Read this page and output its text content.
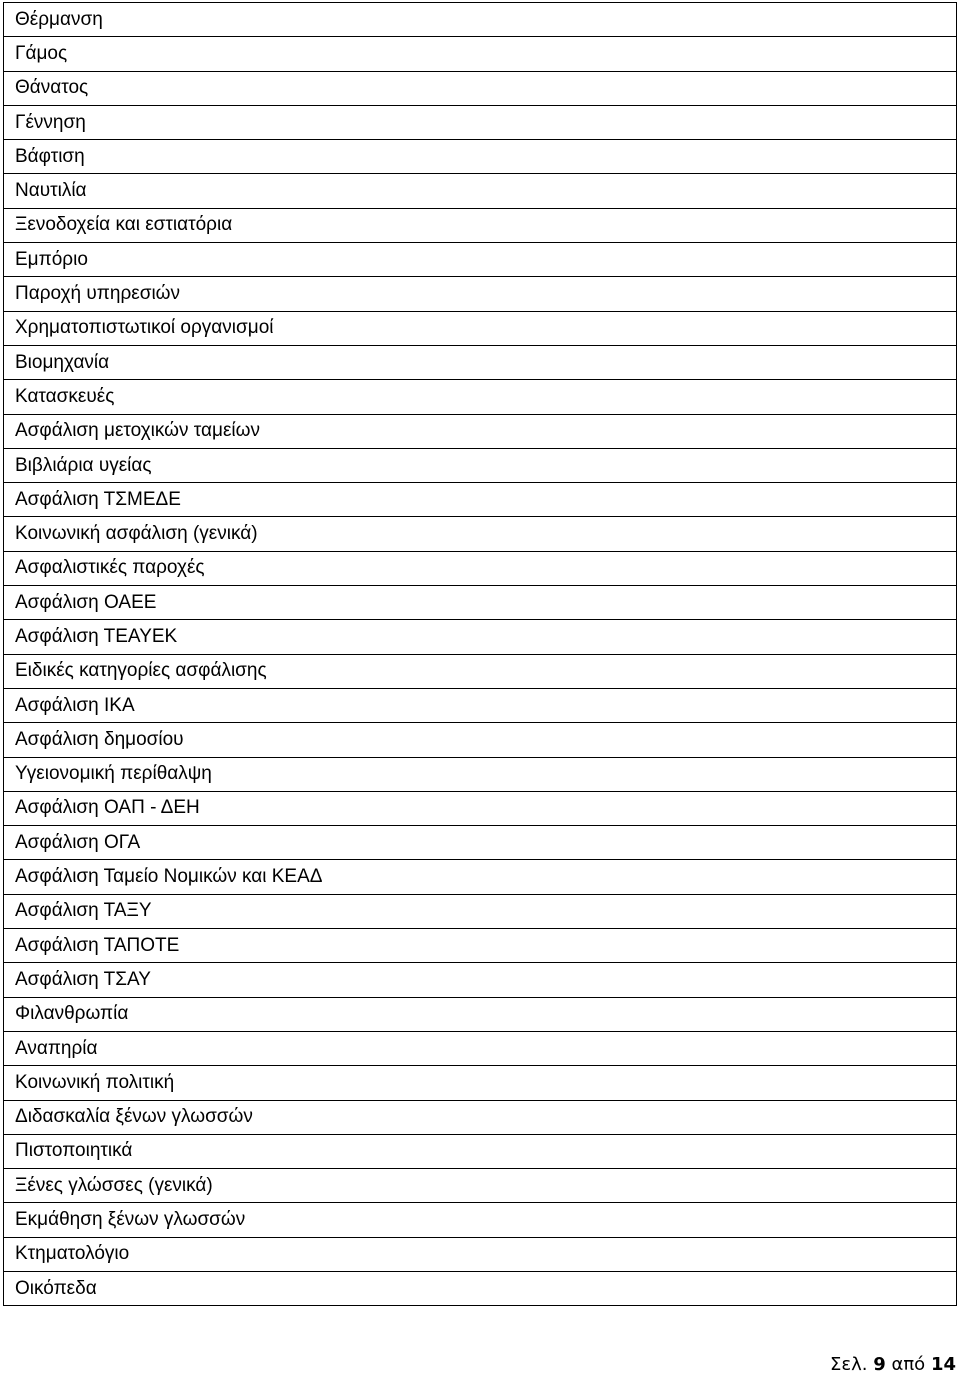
Θέρμανση
Γάμος
Θάνατος
Γέννηση
Βάφτιση
Ναυτιλία
Ξενοδοχεία και εστιατόρια
Εμπόριο
Παροχή υπηρεσιών
Χρηματοπιστωτικοί οργανισμοί
Βιομηχανία
Κατασκευές
Ασφάλιση μετοχικών ταμείων
Βιβλιάρια υγείας
Ασφάλιση ΤΣΜΕΔΕ
Κοινωνική ασφάλιση (γενικά)
Ασφαλιστικές παροχές
Ασφάλιση ΟΑΕΕ
Ασφάλιση ΤΕΑΥΕΚ
Ειδικές κατηγορίες ασφάλισης
Ασφάλιση ΙΚΑ
Ασφάλιση δημοσίου
Υγειονομική περίθαλψη
Ασφάλιση ΟΑΠ - ΔΕΗ
Ασφάλιση ΟΓΑ
Ασφάλιση Ταμείο Νομικών και ΚΕΑΔ
Ασφάλιση ΤΑΞΥ
Ασφάλιση ΤΑΠΟΤΕ
Ασφάλιση ΤΣΑΥ
Φιλανθρωπία
Αναπηρία
Κοινωνική πολιτική
Διδασκαλία ξένων γλωσσών
Πιστοποιητικά
Ξένες γλώσσες (γενικά)
Εκμάθηση ξένων γλωσσών
Κτηματολόγιο
Οικόπεδα
Σελ. 9 από 14
